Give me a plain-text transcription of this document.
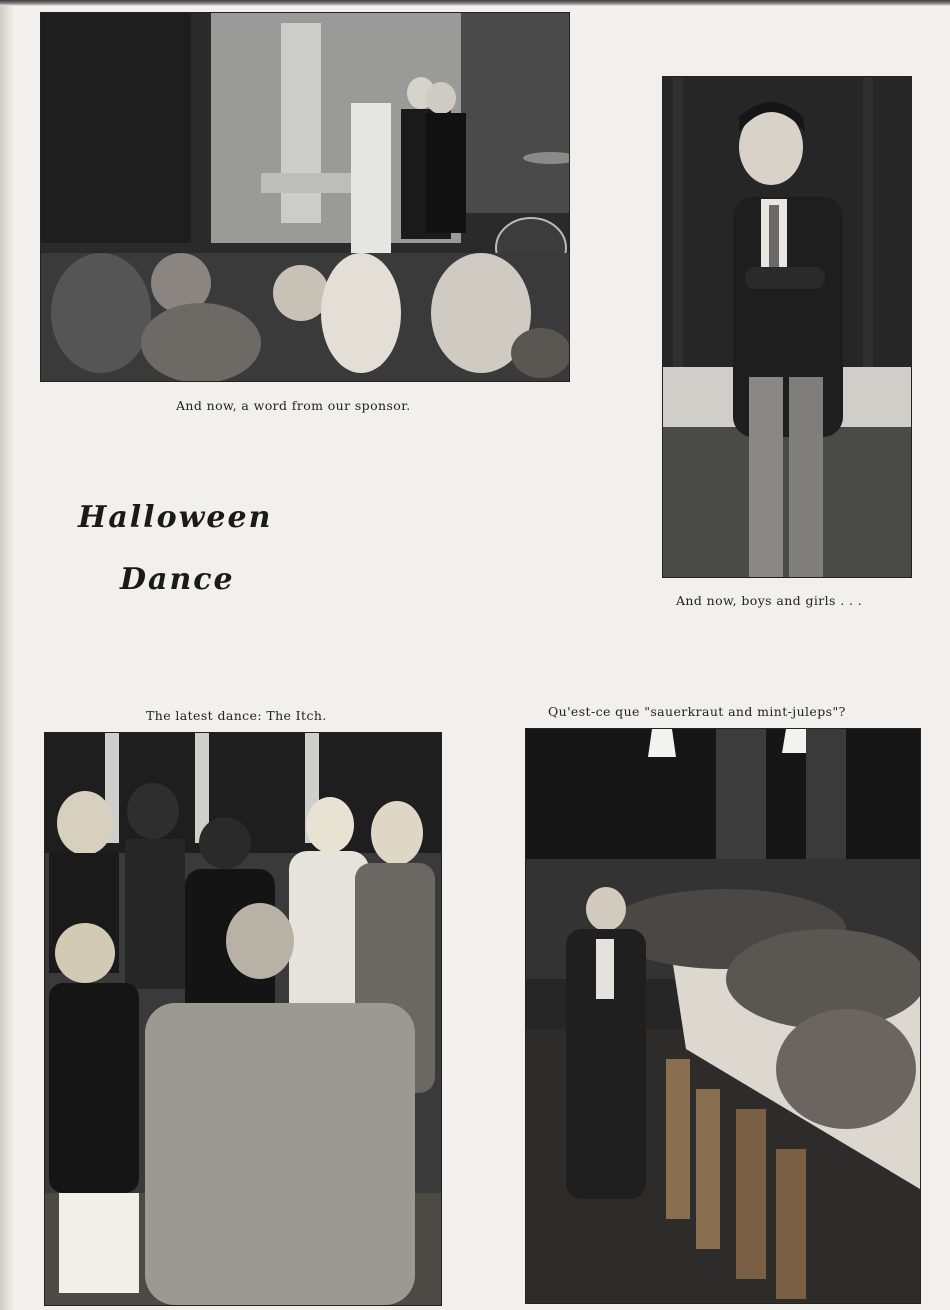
And now, a word from our sponsor.

And now, boys and girls . . .

Halloween
Dance

The latest dance: The Itch.	Qu'est-ce que "sauerkraut and mint-juleps"?
